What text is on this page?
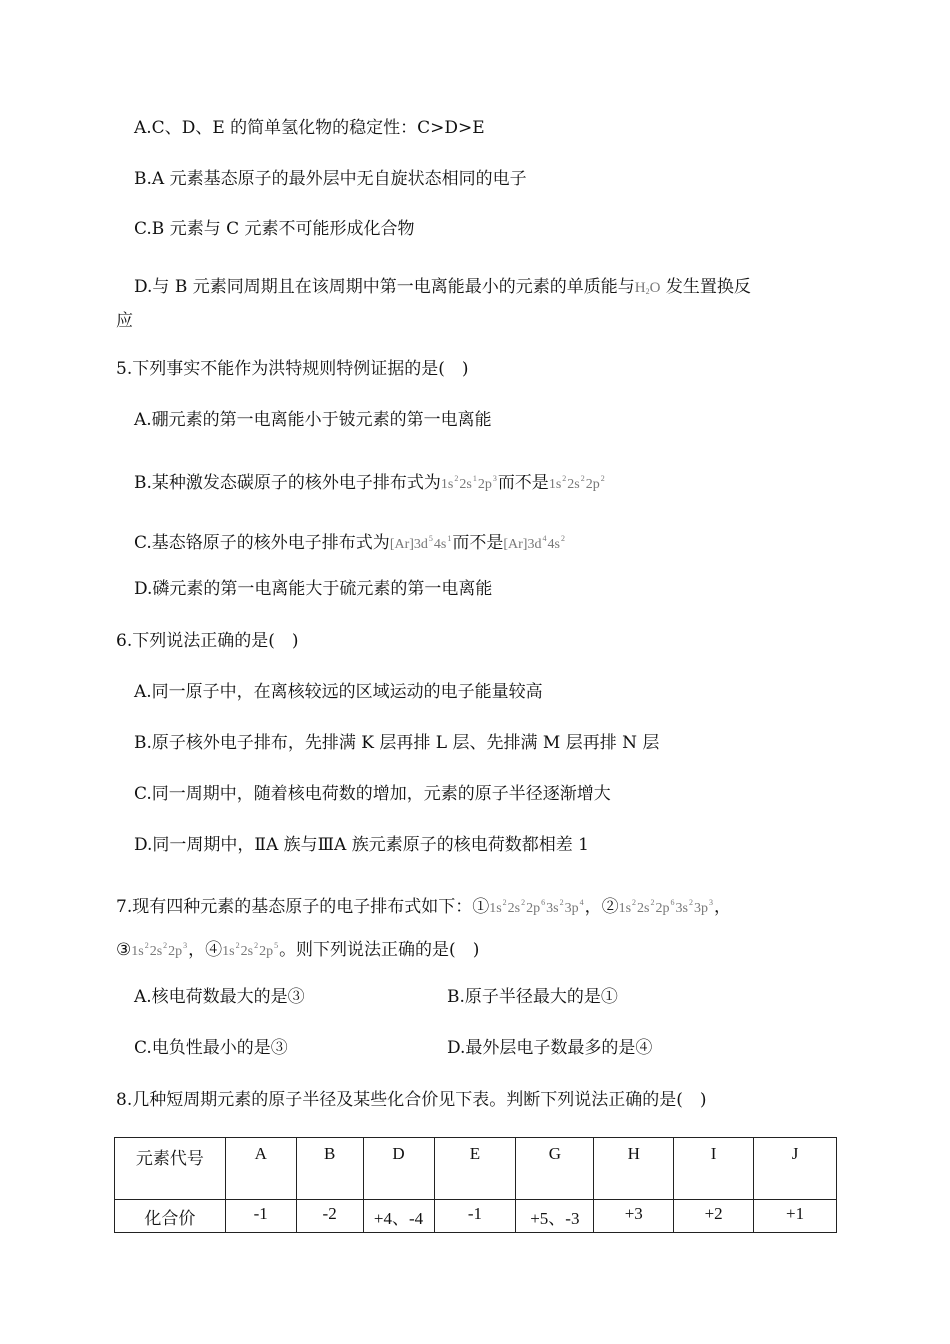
A.C、D、E 的简单氢化物的稳定性：C>D>E
B.A 元素基态原子的最外层中无自旋状态相同的电子
C.B 元素与 C 元素不可能形成化合物
D.与 B 元素同周期且在该周期中第一电离能最小的元素的单质能与$H_2O$ 发生置换反
应
5.下列事实不能作为洪特规则特例证据的是(　)
A.硼元素的第一电离能小于铍元素的第一电离能
B.某种激发态碳原子的核外电子排布式为$1s^22s^12p^3$而不是$1s^22s^22p^2$
C.基态铬原子的核外电子排布式为$[Ar]3d^54s^1$而不是$[Ar]3d^44s^2$
D.磷元素的第一电离能大于硫元素的第一电离能
6.下列说法正确的是(　)
A.同一原子中，在离核较远的区域运动的电子能量较高
B.原子核外电子排布，先排满 K 层再排 L 层、先排满 M 层再排 N 层
C.同一周期中，随着核电荷数的增加，元素的原子半径逐渐增大
D.同一周期中，ⅡA 族与ⅢA 族元素原子的核电荷数都相差 1
7.现有四种元素的基态原子的电子排布式如下：$①1s^22s^22p^63s^23p^4$，$②1s^22s^22p^63s^23p^3$，
$③1s^22s^22p^3$，$④1s^22s^22p^5$。则下列说法正确的是(　)
A.核电荷数最大的是③	B.原子半径最大的是①
C.电负性最小的是③	D.最外层电子数最多的是④
8.几种短周期元素的原子半径及某些化合价见下表。判断下列说法正确的是(　)
元素代号	A	B	D	E	G	H	I	J
化合价	-1	-2	+4、-4	-1	+5、-3	+3	+2	+1
